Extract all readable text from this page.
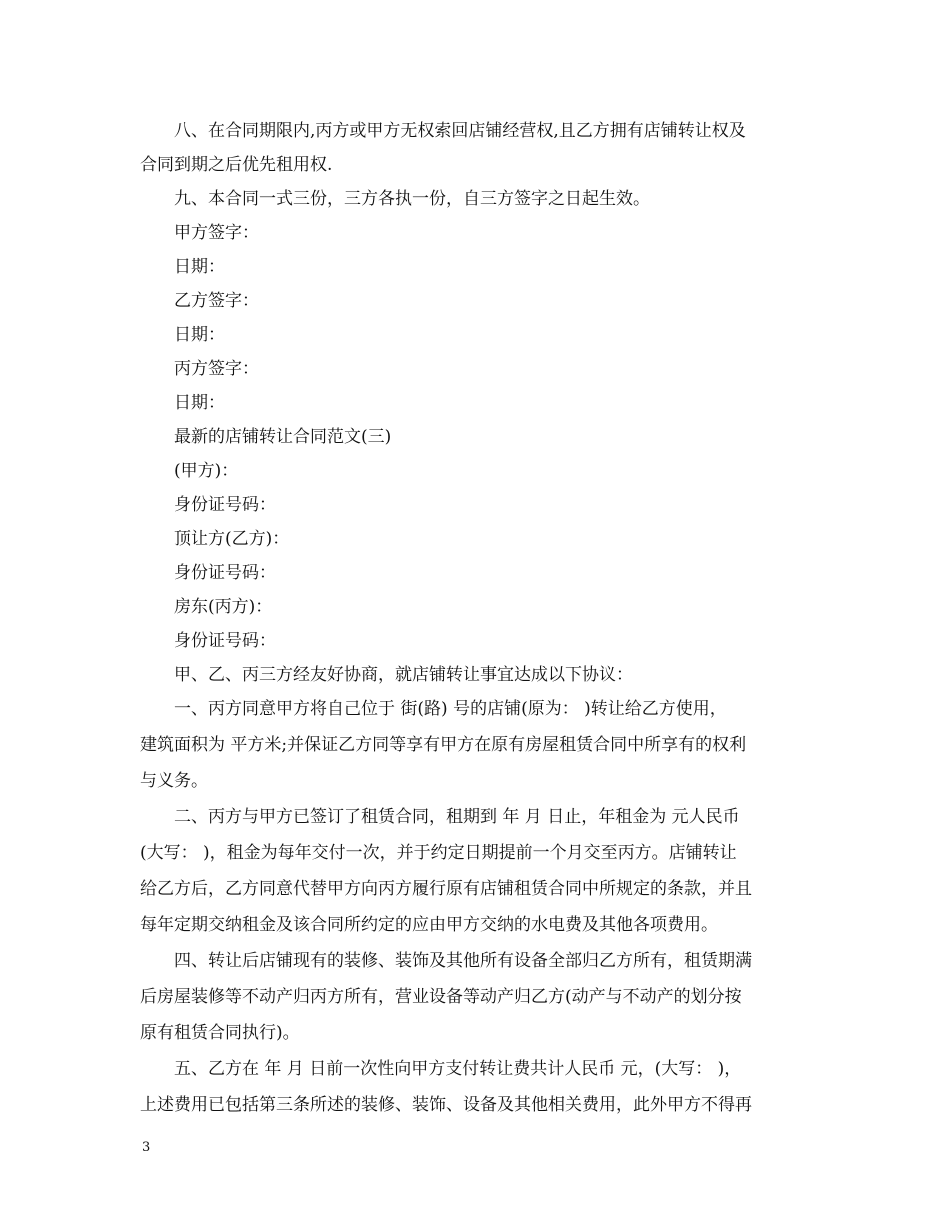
八、在合同期限内,丙方或甲方无权索回店铺经营权,且乙方拥有店铺转让权及
合同到期之后优先租用权.
九、本合同一式三份，三方各执一份，自三方签字之日起生效。
甲方签字：
日期：
乙方签字：
日期：
丙方签字：
日期：
最新的店铺转让合同范文(三)
(甲方)：
身份证号码：
顶让方(乙方)：
身份证号码：
房东(丙方)：
身份证号码：
甲、乙、丙三方经友好协商，就店铺转让事宜达成以下协议：
一、丙方同意甲方将自己位于 街(路) 号的店铺(原为： )转让给乙方使用，
建筑面积为 平方米;并保证乙方同等享有甲方在原有房屋租赁合同中所享有的权利
与义务。
二、丙方与甲方已签订了租赁合同，租期到 年 月 日止，年租金为 元人民币
(大写： )，租金为每年交付一次，并于约定日期提前一个月交至丙方。店铺转让
给乙方后，乙方同意代替甲方向丙方履行原有店铺租赁合同中所规定的条款，并且
每年定期交纳租金及该合同所约定的应由甲方交纳的水电费及其他各项费用。
四、转让后店铺现有的装修、装饰及其他所有设备全部归乙方所有，租赁期满
后房屋装修等不动产归丙方所有，营业设备等动产归乙方(动产与不动产的划分按
原有租赁合同执行)。
五、乙方在 年 月 日前一次性向甲方支付转让费共计人民币 元，(大写： )，
上述费用已包括第三条所述的装修、装饰、设备及其他相关费用，此外甲方不得再
3
